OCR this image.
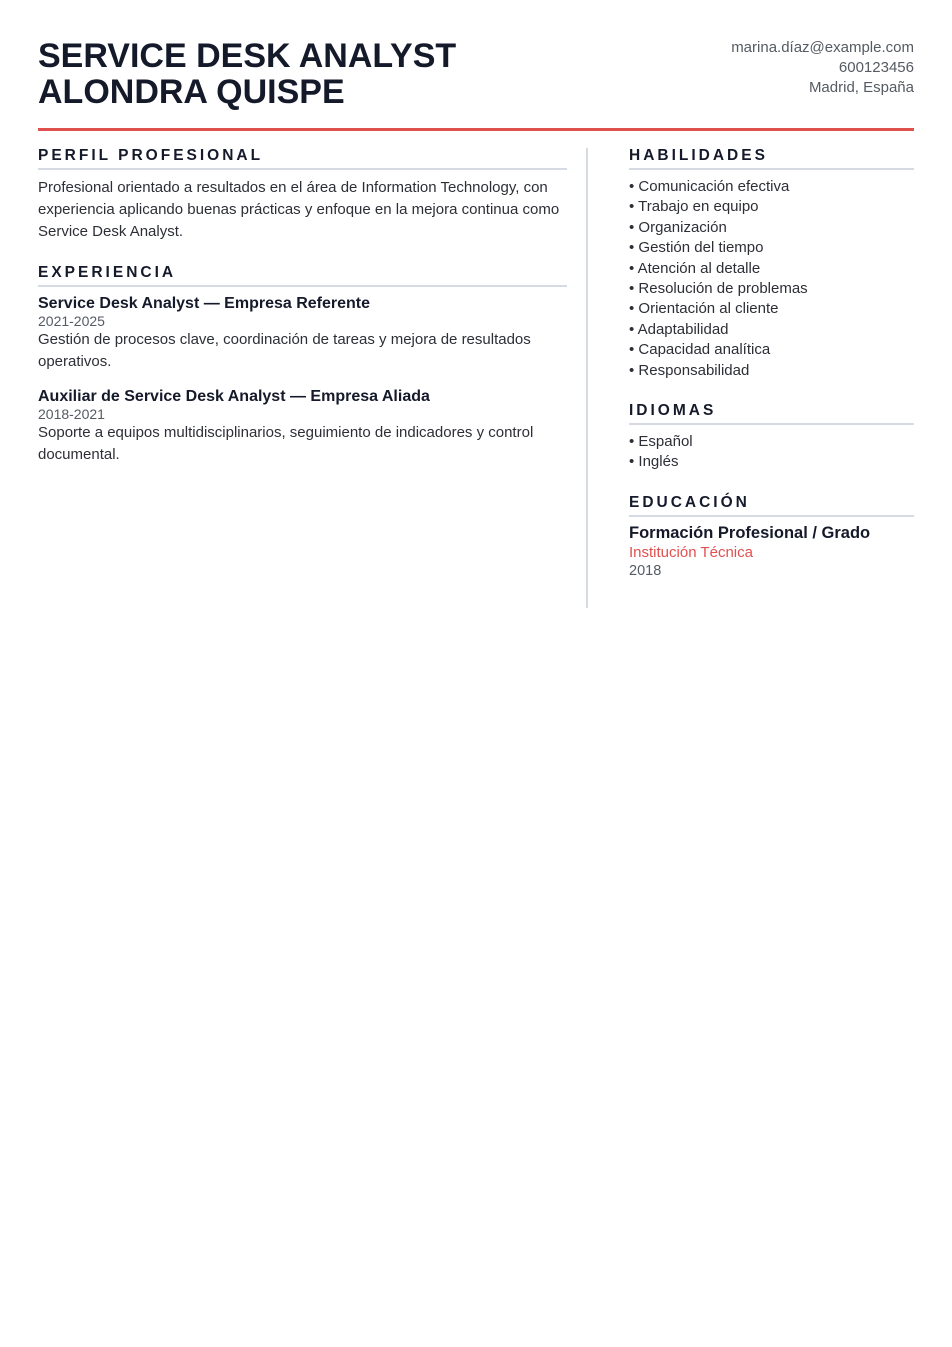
SERVICE DESK ANALYST
ALONDRA QUISPE
marina.díaz@example.com
600123456
Madrid, España
PERFIL PROFESIONAL
Profesional orientado a resultados en el área de Information Technology, con experiencia aplicando buenas prácticas y enfoque en la mejora continua como Service Desk Analyst.
EXPERIENCIA
Service Desk Analyst — Empresa Referente
2021-2025
Gestión de procesos clave, coordinación de tareas y mejora de resultados operativos.
Auxiliar de Service Desk Analyst — Empresa Aliada
2018-2021
Soporte a equipos multidisciplinarios, seguimiento de indicadores y control documental.
HABILIDADES
• Comunicación efectiva
• Trabajo en equipo
• Organización
• Gestión del tiempo
• Atención al detalle
• Resolución de problemas
• Orientación al cliente
• Adaptabilidad
• Capacidad analítica
• Responsabilidad
IDIOMAS
• Español
• Inglés
EDUCACIÓN
Formación Profesional / Grado
Institución Técnica
2018
